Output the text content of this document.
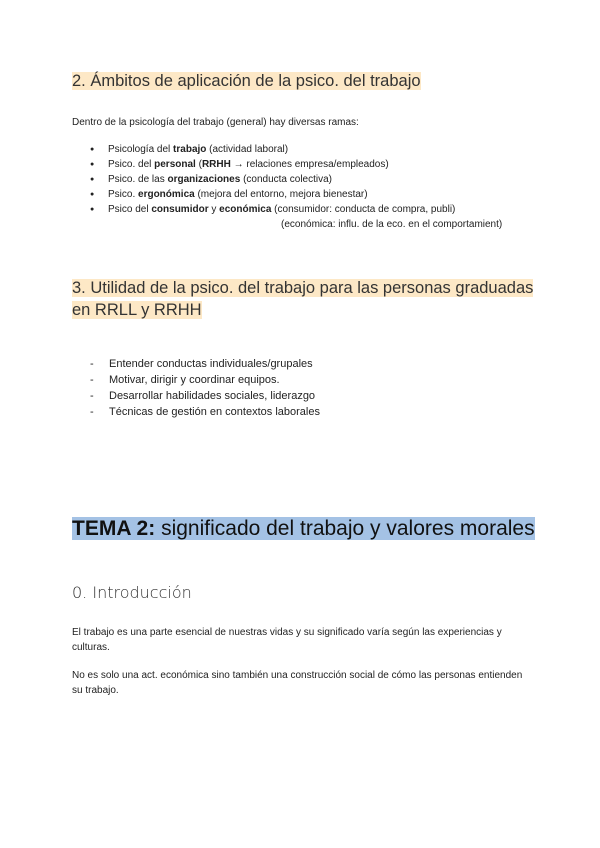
2. Ámbitos de aplicación de la psico. del trabajo
Dentro de la psicología del trabajo (general) hay diversas ramas:
● Psicología del trabajo (actividad laboral)
● Psico. del personal (RRHH → relaciones empresa/empleados)
● Psico. de las organizaciones (conducta colectiva)
● Psico. ergonómica (mejora del entorno, mejora bienestar)
● Psico del consumidor y económica (consumidor: conducta de compra, publi)
(económica: influ. de la eco. en el comportamient)
3. Utilidad de la psico. del trabajo para las personas graduadas
en RRLL y RRHH
- Entender conductas individuales/grupales
- Motivar, dirigir y coordinar equipos.
- Desarrollar habilidades sociales, liderazgo
- Técnicas de gestión en contextos laborales
TEMA 2: significado del trabajo y valores morales
0. Introducción
El trabajo es una parte esencial de nuestras vidas y su significado varía según las experiencias y culturas.
No es solo una act. económica sino también una construcción social de cómo las personas entienden su trabajo.
